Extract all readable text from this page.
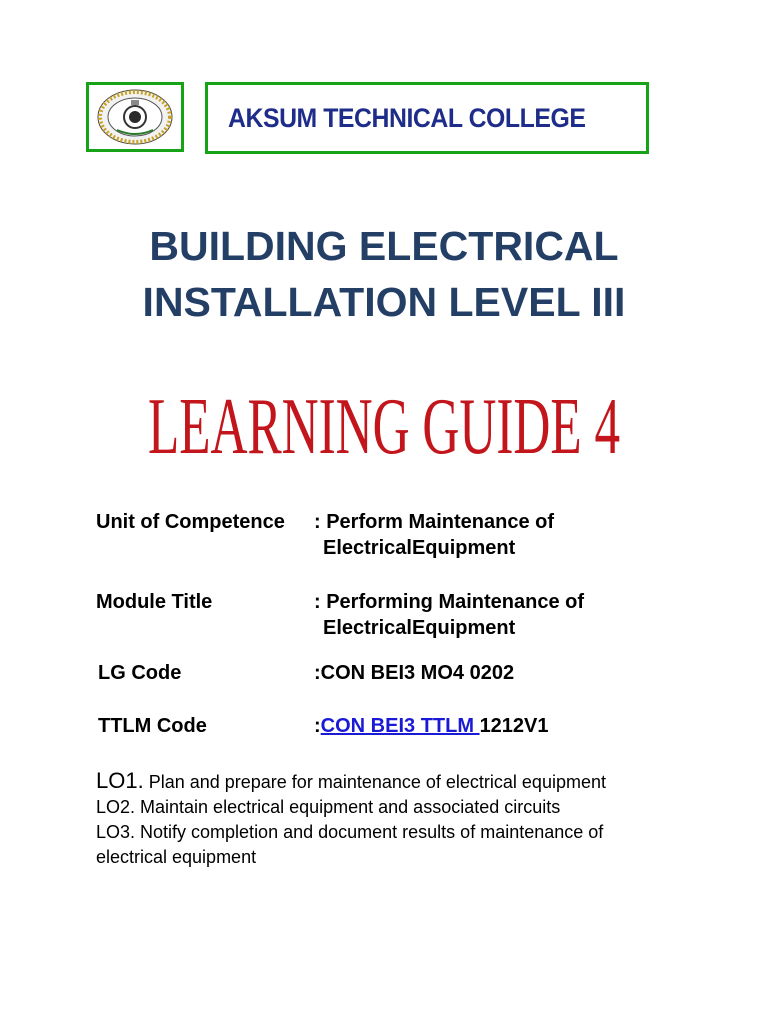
AKSUM TECHNICAL COLLEGE
BUILDING ELECTRICAL
INSTALLATION LEVEL III
LEARNING GUIDE 4
Unit of Competence : Perform Maintenance of
ElectricalEquipment
Module Title	: Performing Maintenance of
ElectricalEquipment
LG Code	:CON BEI3 MO4 0202
TTLM Code	:CON BEI3 TTLM 1212V1
LO1. Plan and prepare for maintenance of electrical equipment
LO2. Maintain electrical equipment and associated circuits
LO3. Notify completion and document results of maintenance of electrical equipment
